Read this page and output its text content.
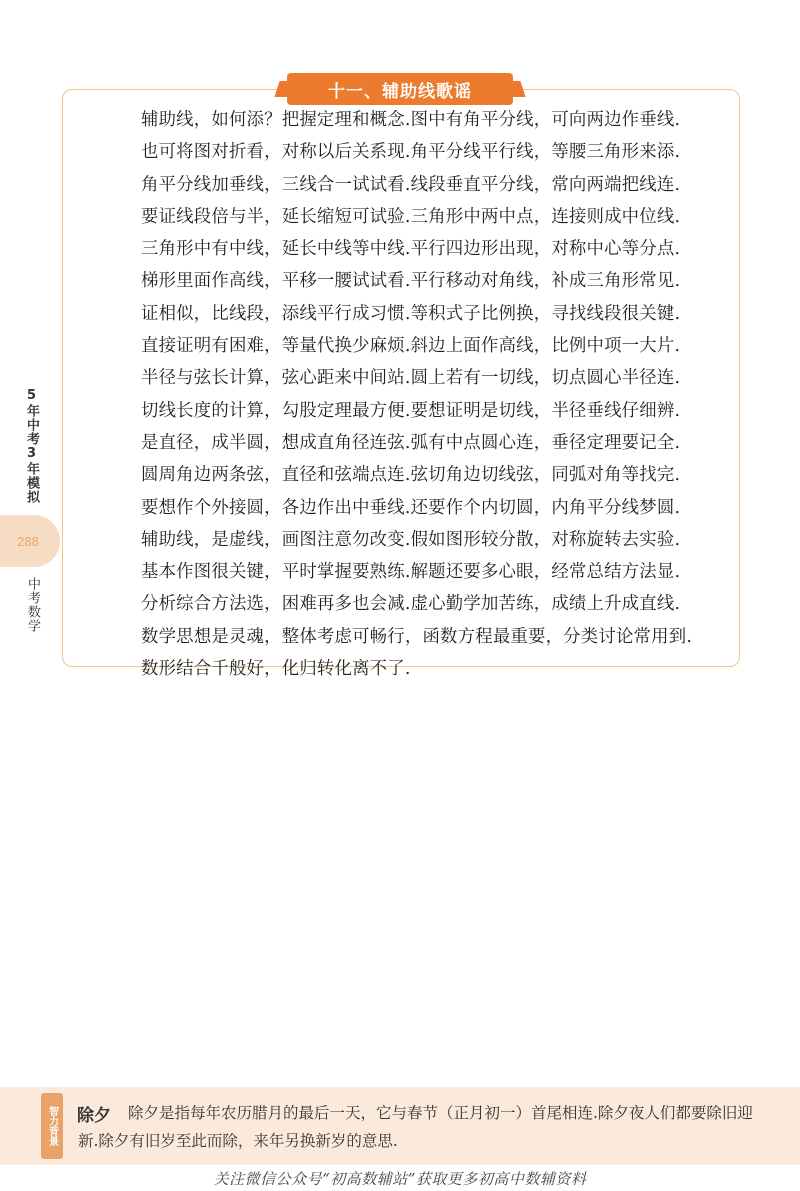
5年中考3年模拟
288
中考数学
十一、辅助线歌谣
辅助线，如何添？把握定理和概念.图中有角平分线，可向两边作垂线.
也可将图对折看，对称以后关系现.角平分线平行线，等腰三角形来添.
角平分线加垂线，三线合一试试看.线段垂直平分线，常向两端把线连.
要证线段倍与半，延长缩短可试验.三角形中两中点，连接则成中位线.
三角形中有中线，延长中线等中线.平行四边形出现，对称中心等分点.
梯形里面作高线，平移一腰试试看.平行移动对角线，补成三角形常见.
证相似，比线段，添线平行成习惯.等积式子比例换，寻找线段很关键.
直接证明有困难，等量代换少麻烦.斜边上面作高线，比例中项一大片.
半径与弦长计算，弦心距来中间站.圆上若有一切线，切点圆心半径连.
切线长度的计算，勾股定理最方便.要想证明是切线，半径垂线仔细辨.
是直径，成半圆，想成直角径连弦.弧有中点圆心连，垂径定理要记全.
圆周角边两条弦，直径和弦端点连.弦切角边切线弦，同弧对角等找完.
要想作个外接圆，各边作出中垂线.还要作个内切圆，内角平分线梦圆.
辅助线，是虚线，画图注意勿改变.假如图形较分散，对称旋转去实验.
基本作图很关键，平时掌握要熟练.解题还要多心眼，经常总结方法显.
分析综合方法选，困难再多也会减.虚心勤学加苦练，成绩上升成直线.
数学思想是灵魂，整体考虑可畅行，函数方程最重要，分类讨论常用到.
数形结合千般好，化归转化离不了.
智力背景	除夕是指每年农历腊月的最后一天，它与春节（正月初一）首尾相连.除夕夜人们都要除旧迎新.除夕有旧岁至此而除，来年另换新岁的意思.
除夕
关注微信公众号“初高数辅站”获取更多初高中数辅资料
